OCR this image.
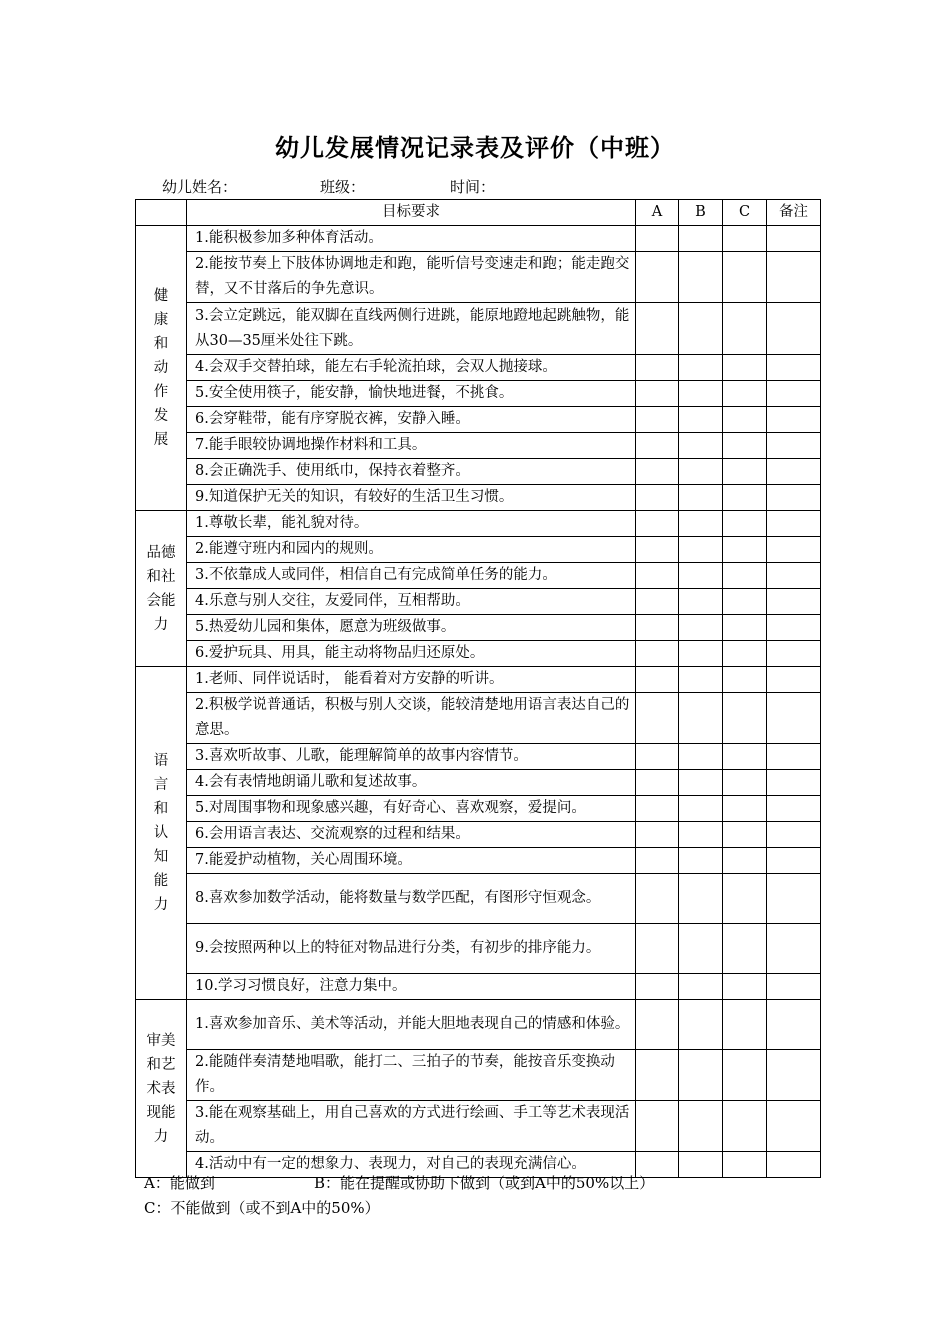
幼儿发展情况记录表及评价（中班）
幼儿姓名：	班级：	时间：
	目标要求	A	B	C	备注

健康和动作发展	1.能积极参加多种体育活动。				
	2.能按节奏上下肢体协调地走和跑，能听信号变速走和跑；能走跑交替，又不甘落后的争先意识。				
	3.会立定跳远，能双脚在直线两侧行进跳，能原地蹬地起跳触物，能从30—35厘米处往下跳。				
	4.会双手交替拍球，能左右手轮流拍球，会双人抛接球。				
	5.安全使用筷子，能安静，愉快地进餐，不挑食。				
	6.会穿鞋带，能有序穿脱衣裤，安静入睡。				
	7.能手眼较协调地操作材料和工具。				
	8.会正确洗手、使用纸巾，保持衣着整齐。				
	9.知道保护无关的知识，有较好的生活卫生习惯。				

品德和社会能力	1.尊敬长辈，能礼貌对待。				
	2.能遵守班内和园内的规则。				
	3.不依靠成人或同伴，相信自己有完成简单任务的能力。				
	4.乐意与别人交往，友爱同伴，互相帮助。				
	5.热爱幼儿园和集体，愿意为班级做事。				
	6.爱护玩具、用具，能主动将物品归还原处。				

语言和认知能力	1.老师、同伴说话时， 能看着对方安静的听讲。				
	2.积极学说普通话，积极与别人交谈，能较清楚地用语言表达自己的意思。				
	3.喜欢听故事、儿歌，能理解简单的故事内容情节。				
	4.会有表情地朗诵儿歌和复述故事。				
	5.对周围事物和现象感兴趣，有好奇心、喜欢观察，爱提问。				
	6.会用语言表达、交流观察的过程和结果。				
	7.能爱护动植物，关心周围环境。				
	8.喜欢参加数学活动，能将数量与数学匹配，有图形守恒观念。				
	9.会按照两种以上的特征对物品进行分类，有初步的排序能力。				
	10.学习习惯良好，注意力集中。				

审美和艺术表现能力	1.喜欢参加音乐、美术等活动，并能大胆地表现自己的情感和体验。				
	2.能随伴奏清楚地唱歌，能打二、三拍子的节奏，能按音乐变换动作。				
	3.能在观察基础上，用自己喜欢的方式进行绘画、手工等艺术表现活动。				
	4.活动中有一定的想象力、表现力，对自己的表现充满信心。				
A：能做到	B：能在提醒或协助下做到（或到A中的50%以上）
C：不能做到（或不到A中的50%）
